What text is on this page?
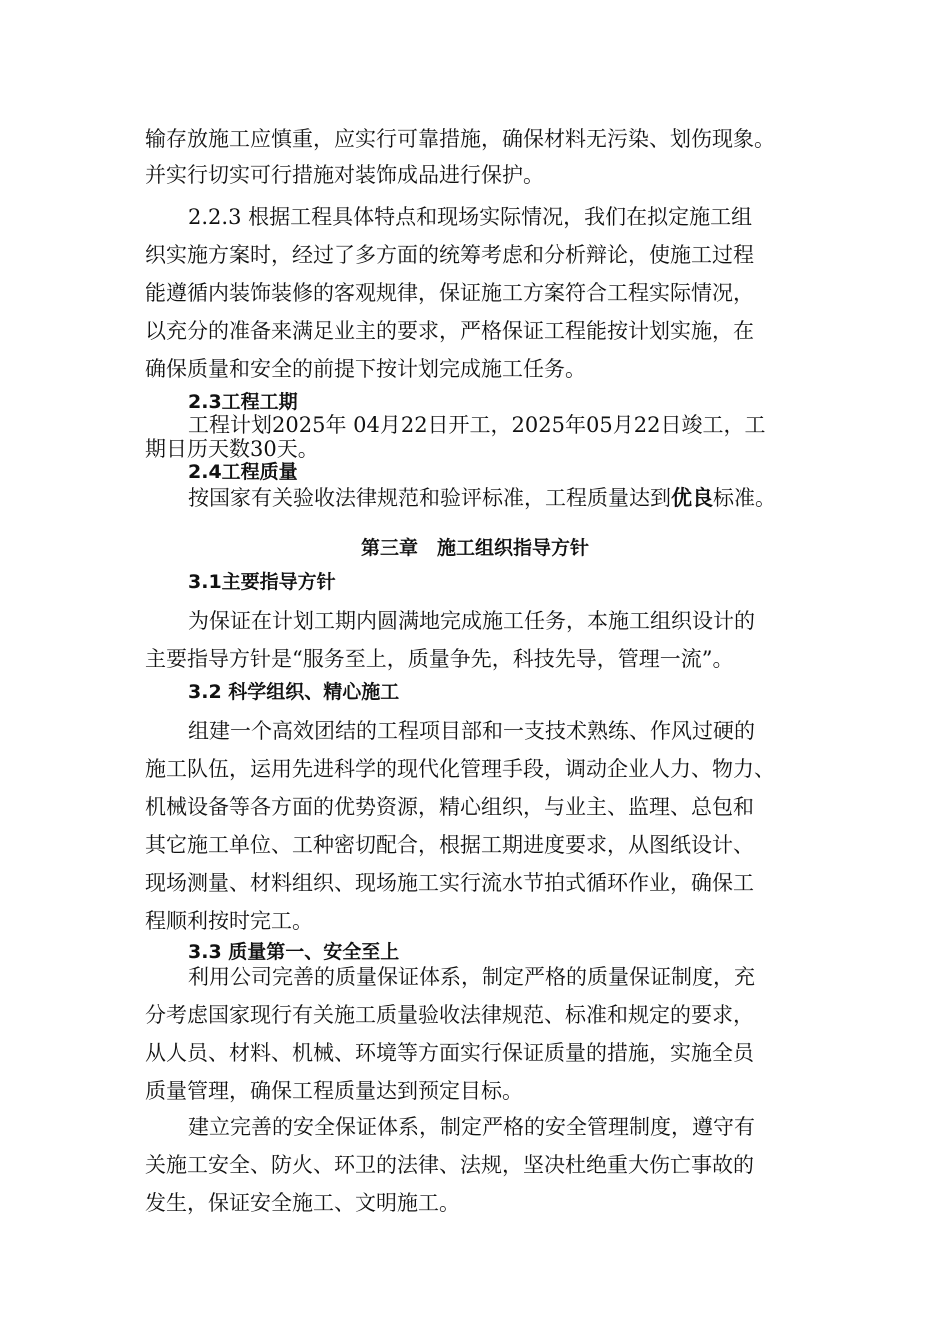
输存放施工应慎重，应实行可靠措施，确保材料无污染、划伤现象。
并实行切实可行措施对装饰成品进行保护。
2.2.3 根据工程具体特点和现场实际情况，我们在拟定施工组
织实施方案时，经过了多方面的统筹考虑和分析辩论，使施工过程
能遵循内装饰装修的客观规律，保证施工方案符合工程实际情况，
以充分的准备来满足业主的要求，严格保证工程能按计划实施，在
确保质量和安全的前提下按计划完成施工任务。
2.3工程工期
工程计划2025年 04月22日开工，2025年05月22日竣工，工
期日历天数30天。
2.4工程质量
按国家有关验收法律规范和验评标准，工程质量达到优良标准。
第三章　施工组织指导方针
3.1主要指导方针
为保证在计划工期内圆满地完成施工任务，本施工组织设计的
主要指导方针是“服务至上，质量争先，科技先导，管理一流”。
3.2 科学组织、精心施工
组建一个高效团结的工程项目部和一支技术熟练、作风过硬的
施工队伍，运用先进科学的现代化管理手段，调动企业人力、物力、
机械设备等各方面的优势资源，精心组织，与业主、监理、总包和
其它施工单位、工种密切配合，根据工期进度要求，从图纸设计、
现场测量、材料组织、现场施工实行流水节拍式循环作业，确保工
程顺利按时完工。
3.3 质量第一、安全至上
利用公司完善的质量保证体系，制定严格的质量保证制度，充
分考虑国家现行有关施工质量验收法律规范、标准和规定的要求，
从人员、材料、机械、环境等方面实行保证质量的措施，实施全员
质量管理，确保工程质量达到预定目标。
建立完善的安全保证体系，制定严格的安全管理制度，遵守有
关施工安全、防火、环卫的法律、法规，坚决杜绝重大伤亡事故的
发生，保证安全施工、文明施工。
